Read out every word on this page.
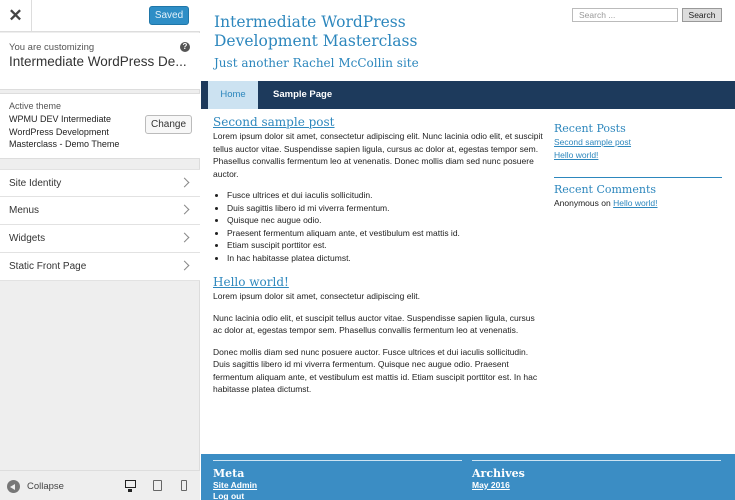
✕	Saved
You are customizing	?
Intermediate WordPress De...
Active theme
WPMU DEV Intermediate WordPress Development Masterclass - Demo Theme
Change
Site Identity
Menus
Widgets
Static Front Page
Collapse
Intermediate WordPress Development Masterclass
Just another Rachel McCollin site
Search ...	Search
Home	Sample Page
Second sample post

Lorem ipsum dolor sit amet, consectetur adipiscing elit. Nunc lacinia odio elit, et suscipit tellus auctor vitae. Suspendisse sapien ligula, cursus ac dolor at, egestas tempor sem. Phasellus convallis fermentum leo at venenatis. Donec mollis diam sed nunc posuere auctor.

• Fusce ultrices et dui iaculis sollicitudin.
• Duis sagittis libero id mi viverra fermentum.
• Quisque nec augue odio.
• Praesent fermentum aliquam ante, et vestibulum est mattis id.
• Etiam suscipit porttitor est.
• In hac habitasse platea dictumst.
Hello world!

Lorem ipsum dolor sit amet, consectetur adipiscing elit.

Nunc lacinia odio elit, et suscipit tellus auctor vitae. Suspendisse sapien ligula, cursus ac dolor at, egestas tempor sem. Phasellus convallis fermentum leo at venenatis.

Donec mollis diam sed nunc posuere auctor. Fusce ultrices et dui iaculis sollicitudin. Duis sagittis libero id mi viverra fermentum. Quisque nec augue odio. Praesent fermentum aliquam ante, et vestibulum est mattis id. Etiam suscipit porttitor est. In hac habitasse platea dictumst.

Recent Posts
Second sample post
Hello world!
Recent Comments
Anonymous on Hello world!
Meta
Site Admin
Log out
Archives
May 2016
